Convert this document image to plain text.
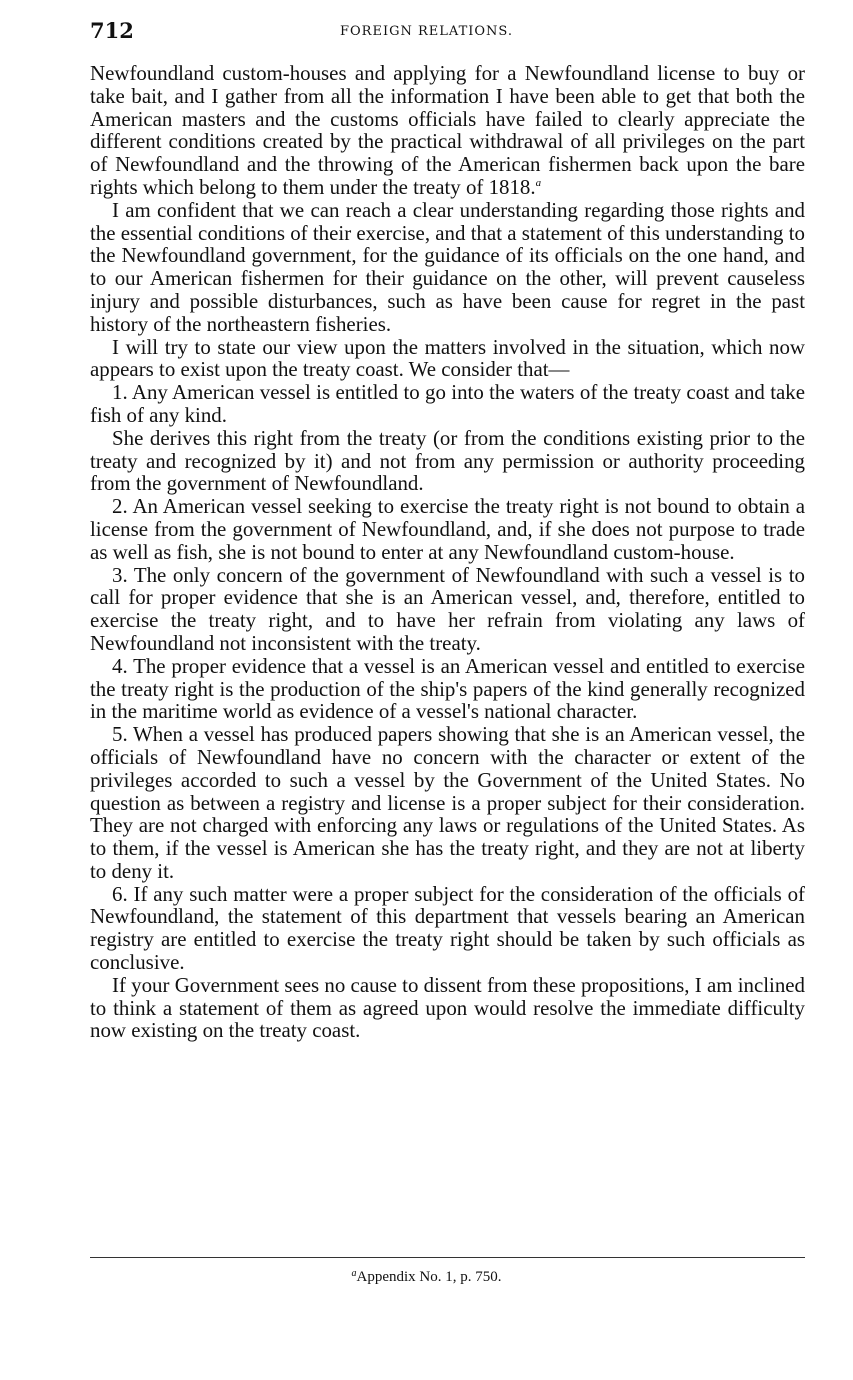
712	FOREIGN RELATIONS.

Newfoundland custom-houses and applying for a Newfoundland license to buy or take bait, and I gather from all the information I have been able to get that both the American masters and the customs officials have failed to clearly appreciate the different conditions created by the practical withdrawal of all privileges on the part of Newfoundland and the throwing of the American fishermen back upon the bare rights which belong to them under the treaty of 1818.$^a$

I am confident that we can reach a clear understanding regarding those rights and the essential conditions of their exercise, and that a statement of this understanding to the Newfoundland government, for the guidance of its officials on the one hand, and to our American fishermen for their guidance on the other, will prevent causeless injury and possible disturbances, such as have been cause for regret in the past history of the northeastern fisheries.

I will try to state our view upon the matters involved in the situation, which now appears to exist upon the treaty coast. We consider that—

1. Any American vessel is entitled to go into the waters of the treaty coast and take fish of any kind.

She derives this right from the treaty (or from the conditions existing prior to the treaty and recognized by it) and not from any permission or authority proceeding from the government of Newfoundland.

2. An American vessel seeking to exercise the treaty right is not bound to obtain a license from the government of Newfoundland, and, if she does not purpose to trade as well as fish, she is not bound to enter at any Newfoundland custom-house.

3. The only concern of the government of Newfoundland with such a vessel is to call for proper evidence that she is an American vessel, and, therefore, entitled to exercise the treaty right, and to have her refrain from violating any laws of Newfoundland not inconsistent with the treaty.

4. The proper evidence that a vessel is an American vessel and entitled to exercise the treaty right is the production of the ship's papers of the kind generally recognized in the maritime world as evidence of a vessel's national character.

5. When a vessel has produced papers showing that she is an American vessel, the officials of Newfoundland have no concern with the character or extent of the privileges accorded to such a vessel by the Government of the United States. No question as between a registry and license is a proper subject for their consideration. They are not charged with enforcing any laws or regulations of the United States. As to them, if the vessel is American she has the treaty right, and they are not at liberty to deny it.

6. If any such matter were a proper subject for the consideration of the officials of Newfoundland, the statement of this department that vessels bearing an American registry are entitled to exercise the treaty right should be taken by such officials as conclusive.

If your Government sees no cause to dissent from these propositions, I am inclined to think a statement of them as agreed upon would resolve the immediate difficulty now existing on the treaty coast.

$^a$Appendix No. 1, p. 750.
